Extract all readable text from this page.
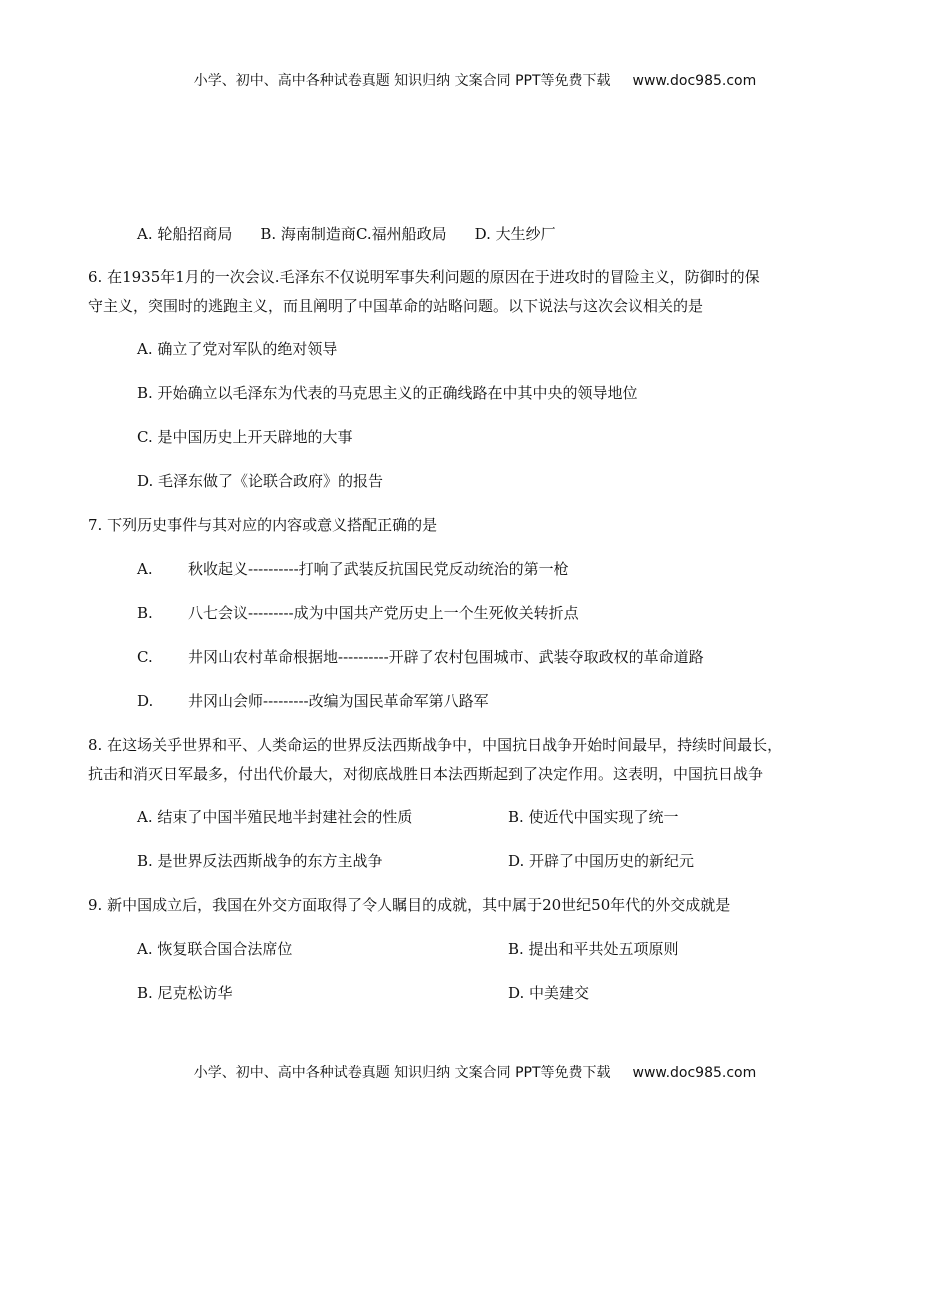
小学、初中、高中各种试卷真题 知识归纳 文案合同 PPT等免费下载 www.doc985.com
A. 轮船招商局 B. 海南制造商C.福州船政局 D. 大生纱厂
6. 在1935年1月的一次会议.毛泽东不仅说明军事失利问题的原因在于进攻时的冒险主义，防御时的保
守主义，突围时的逃跑主义，而且阐明了中国革命的站略问题。以下说法与这次会议相关的是
A. 确立了党对军队的绝对领导
B. 开始确立以毛泽东为代表的马克思主义的正确线路在中其中央的领导地位
C. 是中国历史上开天辟地的大事
D. 毛泽东做了《论联合政府》的报告
7. 下列历史事件与其对应的内容或意义搭配正确的是
A. 秋收起义----------打响了武装反抗国民党反动统治的第一枪
B. 八七会议---------成为中国共产党历史上一个生死攸关转折点
C. 井冈山农村革命根据地----------开辟了农村包围城市、武装夺取政权的革命道路
D. 井冈山会师---------改编为国民革命军第八路军
8. 在这场关乎世界和平、人类命运的世界反法西斯战争中，中国抗日战争开始时间最早，持续时间最长，
抗击和消灭日军最多，付出代价最大，对彻底战胜日本法西斯起到了决定作用。这表明，中国抗日战争
A. 结束了中国半殖民地半封建社会的性质	B. 使近代中国实现了统一
B. 是世界反法西斯战争的东方主战争	D. 开辟了中国历史的新纪元
9. 新中国成立后，我国在外交方面取得了令人瞩目的成就，其中属于20世纪50年代的外交成就是
A. 恢复联合国合法席位	B. 提出和平共处五项原则
B. 尼克松访华	D. 中美建交
小学、初中、高中各种试卷真题 知识归纳 文案合同 PPT等免费下载 www.doc985.com
